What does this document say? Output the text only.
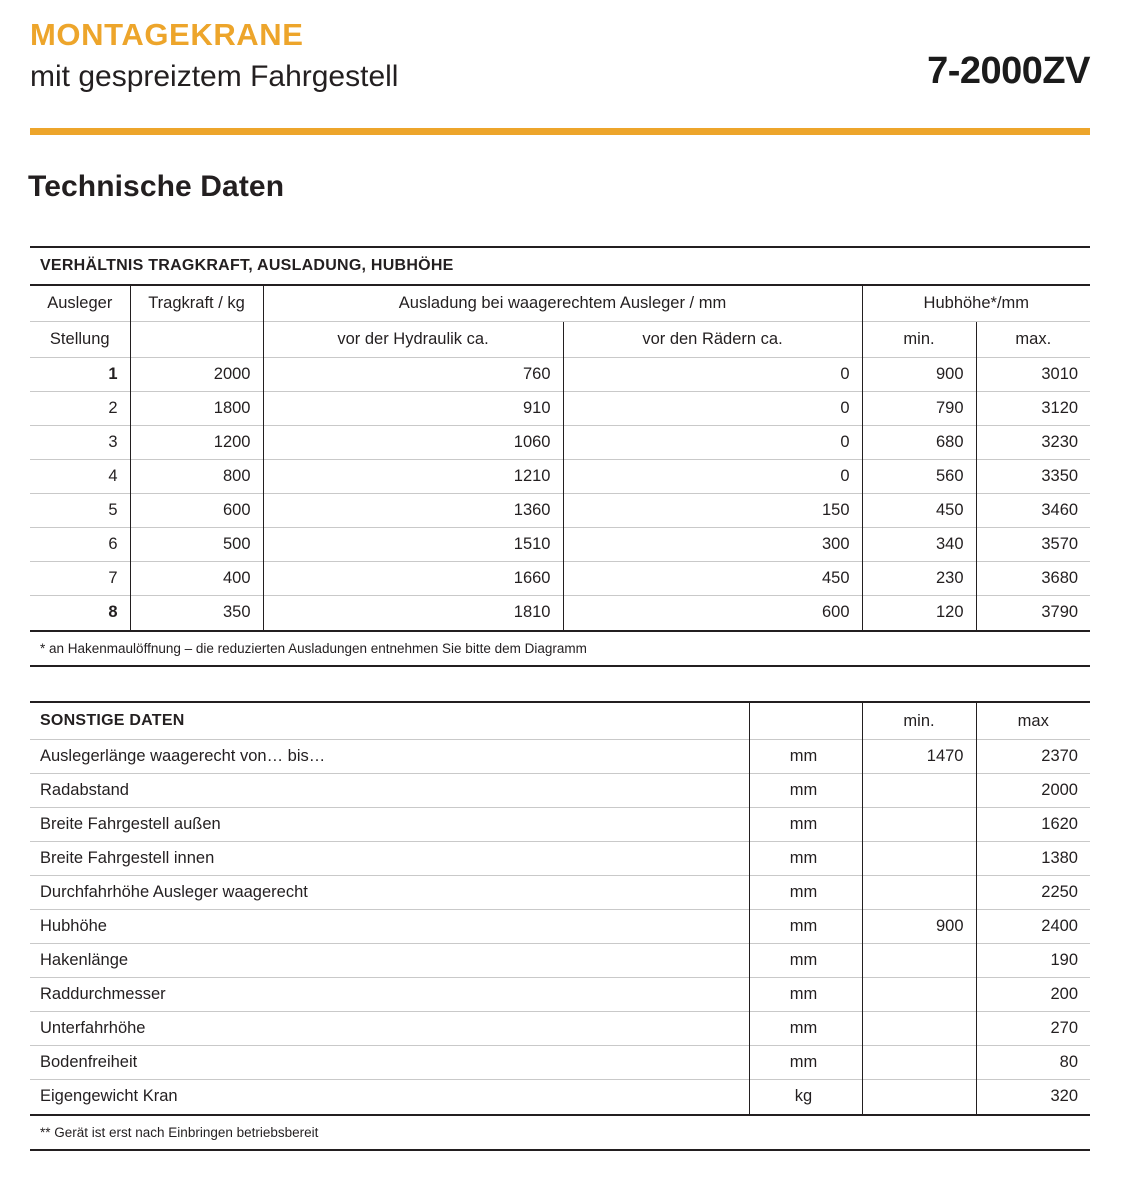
MONTAGEKRANE
mit gespreiztem Fahrgestell	7-2000ZV
Technische Daten
VERHÄLTNIS TRAGKRAFT, AUSLADUNG, HUBHÖHE					
Ausleger	Tragkraft / kg	Ausladung bei waagerechtem Ausleger / mm		Hubhöhe*/mm	
Stellung		vor der Hydraulik ca.	vor den Rädern ca.	min.	max.
1	2000	760	0	900	3010
2	1800	910	0	790	3120
3	1200	1060	0	680	3230
4	800	1210	0	560	3350
5	600	1360	150	450	3460
6	500	1510	300	340	3570
7	400	1660	450	230	3680
8	350	1810	600	120	3790
* an Hakenmaulöffnung – die reduzierten Ausladungen entnehmen Sie bitte dem Diagramm
SONSTIGE DATEN		min.	max
Auslegerlänge waagerecht von… bis…	mm	1470	2370
Radabstand	mm		2000
Breite Fahrgestell außen	mm		1620
Breite Fahrgestell innen	mm		1380
Durchfahrhöhe Ausleger waagerecht	mm		2250
Hubhöhe	mm	900	2400
Hakenlänge	mm		190
Raddurchmesser	mm		200
Unterfahrhöhe	mm		270
Bodenfreiheit	mm		80
Eigengewicht Kran	kg		320
** Gerät ist erst nach Einbringen betriebsbereit
